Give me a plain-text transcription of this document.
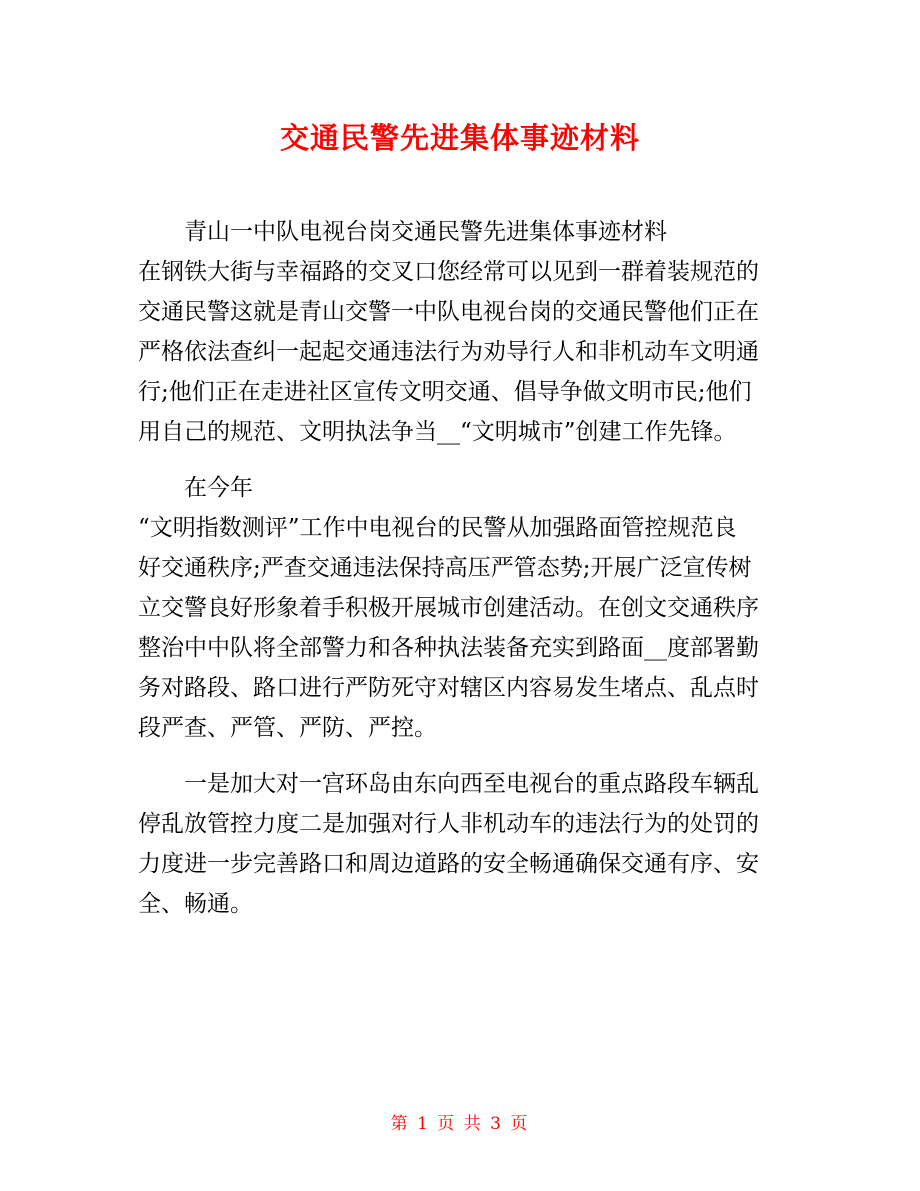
交通民警先进集体事迹材料
青山一中队电视台岗交通民警先进集体事迹材料
在钢铁大街与幸福路的交叉口您经常可以见到一群着装规范的
交通民警这就是青山交警一中队电视台岗的交通民警他们正在
严格依法查纠一起起交通违法行为劝导行人和非机动车文明通
行;他们正在走进社区宣传文明交通、倡导争做文明市民;他们
用自己的规范、文明执法争当__“文明城市”创建工作先锋。
在今年
“文明指数测评”工作中电视台的民警从加强路面管控规范良
好交通秩序;严查交通违法保持高压严管态势;开展广泛宣传树
立交警良好形象着手积极开展城市创建活动。在创文交通秩序
整治中中队将全部警力和各种执法装备充实到路面__度部署勤
务对路段、路口进行严防死守对辖区内容易发生堵点、乱点时
段严查、严管、严防、严控。
一是加大对一宫环岛由东向西至电视台的重点路段车辆乱
停乱放管控力度二是加强对行人非机动车的违法行为的处罚的
力度进一步完善路口和周边道路的安全畅通确保交通有序、安
全、畅通。
第 1 页 共 3 页
